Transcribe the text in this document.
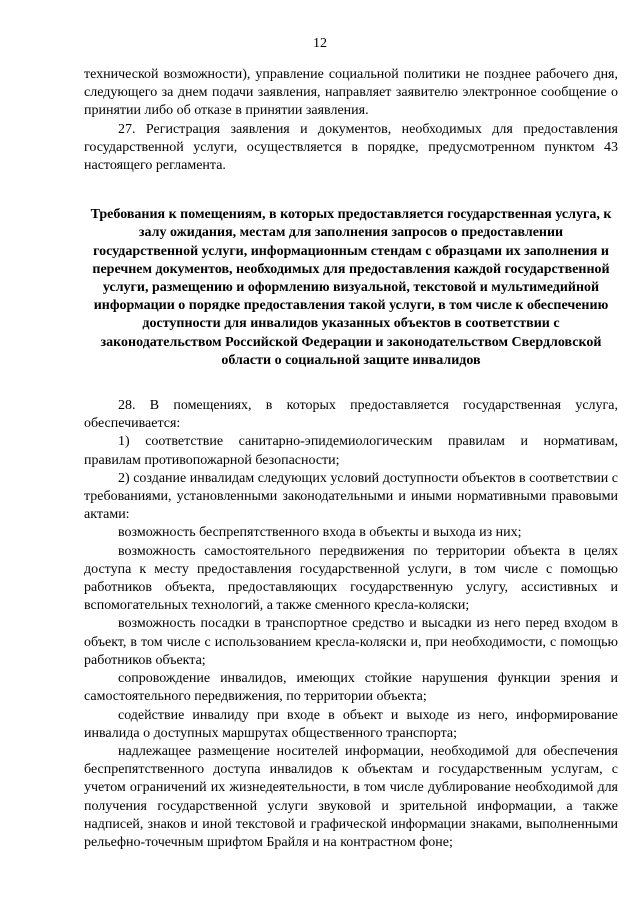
12

технической возможности), управление социальной политики не позднее рабочего дня, следующего за днем подачи заявления, направляет заявителю электронное сообщение о принятии либо об отказе в принятии заявления.

27. Регистрация заявления и документов, необходимых для предоставления государственной услуги, осуществляется в порядке, предусмотренном пунктом 43 настоящего регламента.

Требования к помещениям, в которых предоставляется государственная услуга, к залу ожидания, местам для заполнения запросов о предоставлении государственной услуги, информационным стендам с образцами их заполнения и перечнем документов, необходимых для предоставления каждой государственной услуги, размещению и оформлению визуальной, текстовой и мультимедийной информации о порядке предоставления такой услуги, в том числе к обеспечению доступности для инвалидов указанных объектов в соответствии с законодательством Российской Федерации и законодательством Свердловской области о социальной защите инвалидов

28. В помещениях, в которых предоставляется государственная услуга, обеспечивается:

1) соответствие санитарно-эпидемиологическим правилам и нормативам, правилам противопожарной безопасности;

2) создание инвалидам следующих условий доступности объектов в соответствии с требованиями, установленными законодательными и иными нормативными правовыми актами:

возможность беспрепятственного входа в объекты и выхода из них;

возможность самостоятельного передвижения по территории объекта в целях доступа к месту предоставления государственной услуги, в том числе с помощью работников объекта, предоставляющих государственную услугу, ассистивных и вспомогательных технологий, а также сменного кресла-коляски;

возможность посадки в транспортное средство и высадки из него перед входом в объект, в том числе с использованием кресла-коляски и, при необходимости, с помощью работников объекта;

сопровождение инвалидов, имеющих стойкие нарушения функции зрения и самостоятельного передвижения, по территории объекта;

содействие инвалиду при входе в объект и выходе из него, информирование инвалида о доступных маршрутах общественного транспорта;

надлежащее размещение носителей информации, необходимой для обеспечения беспрепятственного доступа инвалидов к объектам и государственным услугам, с учетом ограничений их жизнедеятельности, в том числе дублирование необходимой для получения государственной услуги звуковой и зрительной информации, а также надписей, знаков и иной текстовой и графической информации знаками, выполненными рельефно-точечным шрифтом Брайля и на контрастном фоне;
